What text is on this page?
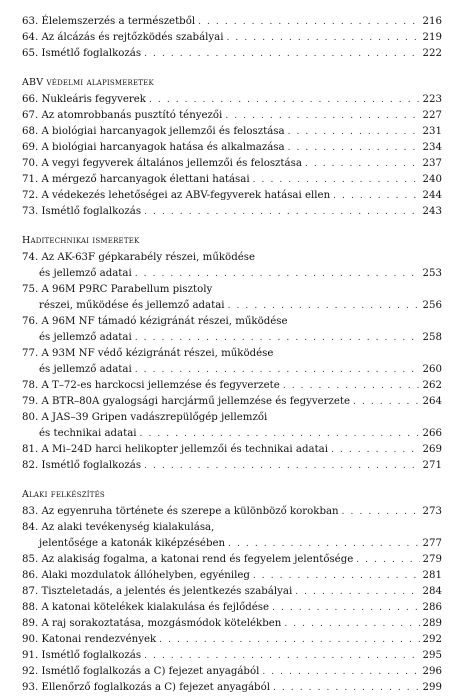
63. Élelemszerzés a természetből . . .	216
64. Az álcázás és rejtőzködés szabályai . . .	219
65. Ismétlő foglalkozás . . .	222
ABV védelmi alapismeretek
66. Nukleáris fegyverek . . .	223
67. Az atomrobbanás pusztító tényezői . . .	227
68. A biológiai harcanyagok jellemzői és felosztása . . .	231
69. A biológiai harcanyagok hatása és alkalmazása . . .	234
70. A vegyi fegyverek általános jellemzői és felosztása . . .	237
71. A mérgező harcanyagok élettani hatásai . . .	240
72. A védekezés lehetőségei az ABV-fegyverek hatásai ellen . . .	244
73. Ismétlő foglalkozás . . .	243
Haditechnikai ismeretek
74. Az AK-63F gépkarabély részei, működése
és jellemző adatai . . .	253
75. A 96M P9RC Parabellum pisztoly
részei, működése és jellemző adatai . . .	256
76. A 96M NF támadó kézigránát részei, működése
és jellemző adatai . . .	258
77. A 93M NF védő kézigránát részei, működése
és jellemző adatai . . .	260
78. A T–72-es harckocsi jellemzése és fegyverzete . . .	262
79. A BTR–80A gyalogsági harcjármű jellemzése és fegyverzete . . .	264
80. A JAS–39 Gripen vadászrepülőgép jellemzői
és technikai adatai . . .	266
81. A Mi–24D harci helikopter jellemzői és technikai adatai . . .	269
82. Ismétlő foglalkozás . . .	271
Alaki felkészítés
83. Az egyenruha története és szerepe a különböző korokban . . .	273
84. Az alaki tevékenység kialakulása,
jelentősége a katonák kiképzésében . . .	277
85. Az alakiság fogalma, a katonai rend és fegyelem jelentősége . . .	279
86. Alaki mozdulatok állóhelyben, egyénileg . . .	281
87. Tiszteletadás, a jelentés és jelentkezés szabályai . . .	284
88. A katonai kötelékek kialakulása és fejlődése . . .	286
89. A raj sorakoztatása, mozgásmódok kötelékben . . .	289
90. Katonai rendezvények . . .	292
91. Ismétlő foglalkozás . . .	295
92. Ismétlő foglalkozás a C) fejezet anyagából . . .	296
93. Ellenőrző foglalkozás a C) fejezet anyagából . . .	299
